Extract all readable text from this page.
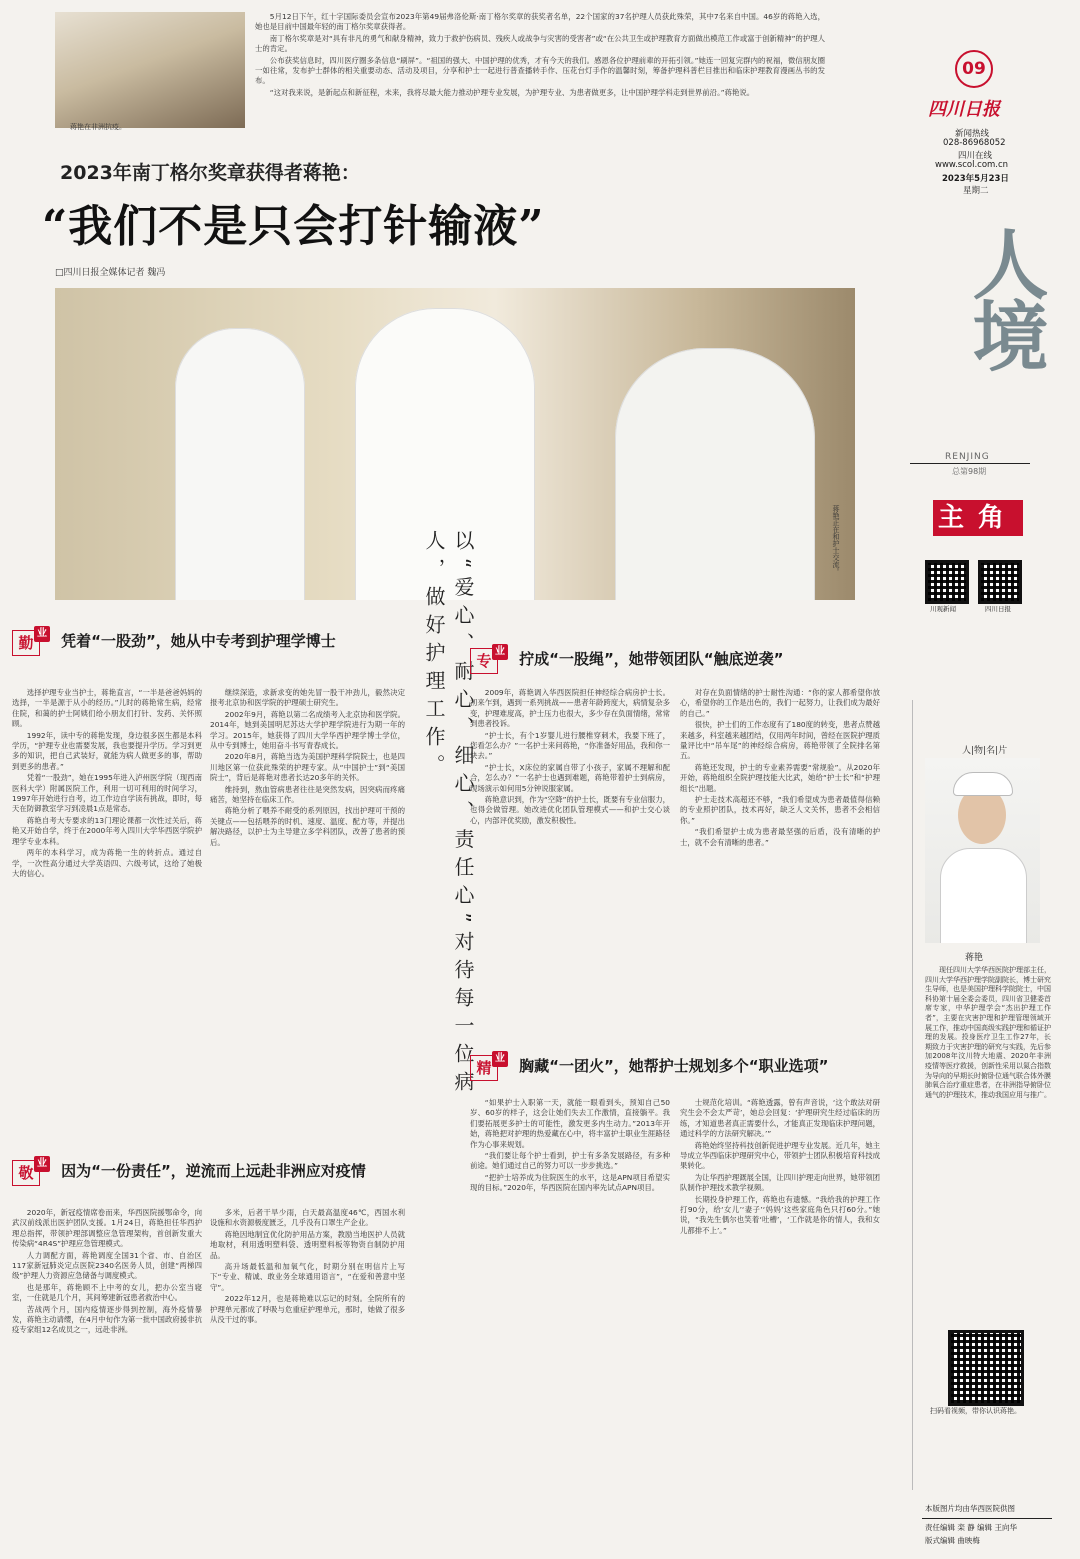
蒋艳在非洲抗疫。

5月12日下午，红十字国际委员会宣布2023年第49届弗洛伦斯·南丁格尔奖章的获奖者名单，22个国家的37名护理人员获此殊荣，其中7名来自中国。46岁的蒋艳入选，她也是目前中国最年轻的南丁格尔奖章获得者。

南丁格尔奖章是对“具有非凡的勇气和献身精神，致力于救护伤病员、残疾人或战争与灾害的受害者”或“在公共卫生或护理教育方面做出模范工作或富于创新精神”的护理人士的肯定。

公布获奖信息时，四川医疗圈多条信息“刷屏”。“祖国的强大、中国护理的优秀，才有今天的我们。感恩各位护理前辈的开拓引领。”她连一回复完群内的祝福，微信朋友圈一如往常，发布护士群体的相关重要动态、活动及项目，分享和护士一起进行普查播转手作、压花台灯手作的温馨时刻，筹备护理科普栏目推出和临床护理教育漫画丛书的发布。

“这对我来说，是新起点和新征程，未来，我将尽最大能力推动护理专业发展，为护理专业、为患者做更多，让中国护理学科走到世界前沿。”蒋艳说。

2023年南丁格尔奖章获得者蒋艳：
“我们不是只会打针输液”
□四川日报全媒体记者 魏冯
蒋艳正在和护士交流。
以“爱心、耐心、细心、责任心”对待每一位病人，做好护理工作。
09
四川日报
新闻热线
028-86968052
四川在线
www.scol.com.cn
2023年5月23日
星期二
人境
RENJING
总第98期
主角
川观新闻	四川日报
人|物|名|片
蒋艳

现任四川大学华西医院护理部主任，四川大学华西护理学院副院长，博士研究生导师，也是美国护理科学院院士，中国科协第十届全委会委员，四川省卫健委首席专家，中华护理学会“杰出护理工作者”，主要在灾害护理和护理管理领域开展工作，推动中国高级实践护理和循证护理的发展。投身医疗卫生工作27年，长期致力于灾害护理的研究与实践，先后参加2008年汶川特大地震、2020年非洲疫情等医疗救援，创新性采用以氮合指数为导向的早期长时俯卧位通气联合体外膜肺氧合治疗重症患者，在非洲指导俯卧位通气的护理技术，推动我国应用与推广。

扫码看视频，带你认识蒋艳。
本版图片均由华西医院供图
责任编辑 栾 静 编辑 王向华
版式编辑 曲映梅
勤业 凭着“一股劲”，她从中专考到护理学博士

选择护理专业当护士，蒋艳直言，“一半是爸爸妈妈的选择，一半是源于从小的经历。”儿时的蒋艳常生病，经常住院，和蔼的护士阿姨们给小朋友们打针、发药、关怀照顾。

1992年，读中专的蒋艳发现，身边很多医生都是本科学历，“护理专业也需要发展，我也要提升学历。学习到更多的知识，把自己武装好，就能为病人做更多的事，帮助到更多的患者。”

凭着“一股劲”，她在1995年进入泸州医学院（现西南医科大学）附属医院工作，利用一切可利用的时间学习，1997年开始进行自考，边工作边自学读有挑战，即时，每天在防御教室学习到凌晨1点是常态。

蒋艳自考大专要求的13门理论课都一次性过关后，蒋艳又开始自学，终于在2000年考入四川大学华西医学院护理学专业本科。

两年的本科学习，成为蒋艳一生的转折点。通过自学，一次性高分通过大学英语四、六级考试，这给了她极大的信心。

继续深造，求新求变的她先冒一股干冲劲儿，毅然决定报考北京协和医学院的护理硕士研究生。

2002年9月，蒋艳以第二名成绩考入北京协和医学院。2014年，她到美国明尼苏达大学护理学院进行为期一年的学习。2015年，她获得了四川大学华西护理学博士学位，从中专到博士，她用奋斗书写青春成长。

2020年8月，蒋艳当选为美国护理科学院院士，也是四川地区第一位获此殊荣的护理专家。从“中国护士”到“美国院士”，背后是蒋艳对患者长达20多年的关怀。

维持到，熬血管病患者往往是突然发病，因突病而疼痛痛苦，她坚持在临床工作。

蒋艳分析了喂养不耐受的系列原因，找出护理可干预的关键点——包括喂养的时机、速度、温度、配方等，并提出解决路径，以护士为主导建立多学科团队，改善了患者的预后。

敬业 因为“一份责任”，逆流而上远赴非洲应对疫情

2020年，新冠疫情席卷而来，华西医院援鄂命令，向武汉前线派出医护团队支援。1月24日，蒋艳担任华西护理总指挥，带领护理部调整应急管理架构，首创新发重大传染病“4R4S”护理应急管理模式。

人力调配方面，蒋艳调度全国31个省、市、自治区117家新冠肺炎定点医院2340名医务人员，创建“两梯四级”护理人力资源应急储备与调度模式。

也是那年，蒋艳顾不上中考的女儿，把办公室当寝室，一住就是几个月，其间筹建新冠患者救治中心。

苦战两个月，国内疫情逐步得到控制，海外疫情暴发，蒋艳主动请缨，在4月中旬作为第一批中国政府援非抗疫专家组12名成员之一，远赴非洲。

多米，后者干旱少雨，白天最高温度46℃，西国水利设施和水资源极度匮乏，几乎没有口罩生产企业。

蒋艳因地制宜优化防护用品方案，教励当地医护人员就地取材，利用透明塑料袋、透明塑料板等物资自制防护用品。

高升场最低温和加氧气化，时期分别在明信片上写下“专业、精诚、敢业务全球通用语言”，“在爱和善意中坚守”。

2022年12月，也是蒋艳难以忘记的时刻。全院所有的护理单元都成了呼吸与危重症护理单元，那时，她做了很多从没干过的事。

专业 拧成“一股绳”，她带领团队“触底逆袭”

2009年，蒋艳调入华西医院担任神经综合病房护士长。初来乍到，遇到一系列挑战——患者年龄跨度大，病情复杂多变，护理难度高，护士压力也很大，多少存在负面情绪，常常到患者投诉。

“护士长，有个1岁婴儿进行腰椎穿刺术，我要下班了，您看怎么办？”一名护士来问蒋艳，“你准备好用品，我和你一块去。”

“护士长，X床位的家属自带了小孩子，家属不理解和配合，怎么办？”一名护士也遇到难题，蒋艳带着护士到病房，现场演示如何用5分钟说服家属。

蒋艳意识到，作为“空降”的护士长，既要有专业信服力，也得会做管理。她改进优化团队管理模式——和护士交心谈心，内部评优奖励，激发积极性。

对存在负面情绪的护士耐性沟通：“你的家人都希望你放心，希望你的工作是出色的，我们一起努力，让我们成为最好的自己。”

很快，护士们的工作态度有了180度的转变，患者点赞越来越多，科室越来越团结，仅用两年时间，曾经在医院护理质量评比中“吊车尾”的神经综合病房，蒋艳带领了全院排名第五。

蒋艳还发现，护士的专业素养需要“常规验”。从2020年开始，蒋艳组织全院护理技能大比武，她给“护士长”和“护理组长”出题。

护士走技术高超还不够，“我们希望成为患者最值得信赖的专业照护团队，技术再好，缺乏人文关怀，患者不会相信你。”

“我们希望护士成为患者最坚强的后盾，没有清晰的护士，就不会有清晰的患者。”

精业 胸藏“一团火”，她帮护士规划多个“职业选项”

“如果护士入职第一天，就能一眼看到头，预知自己50岁、60岁的样子，这会让她们失去工作激情，直接躺平。我们要拓展更多护士的可能性，激发更多内生动力。”2013年开始，蒋艳把对护理的热爱藏在心中，将丰富护士职业生涯路径作为心事来规划。

“我们要让每个护士看到，护士有多条发展路径，有多种前途。她们通过自己的努力可以一步步挑选。”

“把护士培养成为住院医生的水平，这是APN项目希望实现的目标。”2020年，华西医院在国内率先试点APN项目。

士规范化培训。“蒋艳透露，曾有声音说，‘这个敢法对研究生会不会太严苛’，她总会回复：‘护理研究生经过临床的历练，才知道患者真正需要什么，才能真正发现临床护理问题，通过科学的方法研究解决。’”

蒋艳始终坚持科技创新促进护理专业发展。近几年，她主导成立华西临床护理研究中心，带领护士团队积极培育科技成果转化。

为让华西护理溉展全国，让四川护理走向世界，她带领团队制作护理技术教学视频。

长期投身护理工作，蒋艳也有遗憾。“我给我的护理工作打90分，给‘女儿’‘妻子’‘妈妈’这些家庭角色只打60分。”她说，“我先生偶尔也笑着‘吐槽’，‘工作就是你的情人，我和女儿都排不上’。”
